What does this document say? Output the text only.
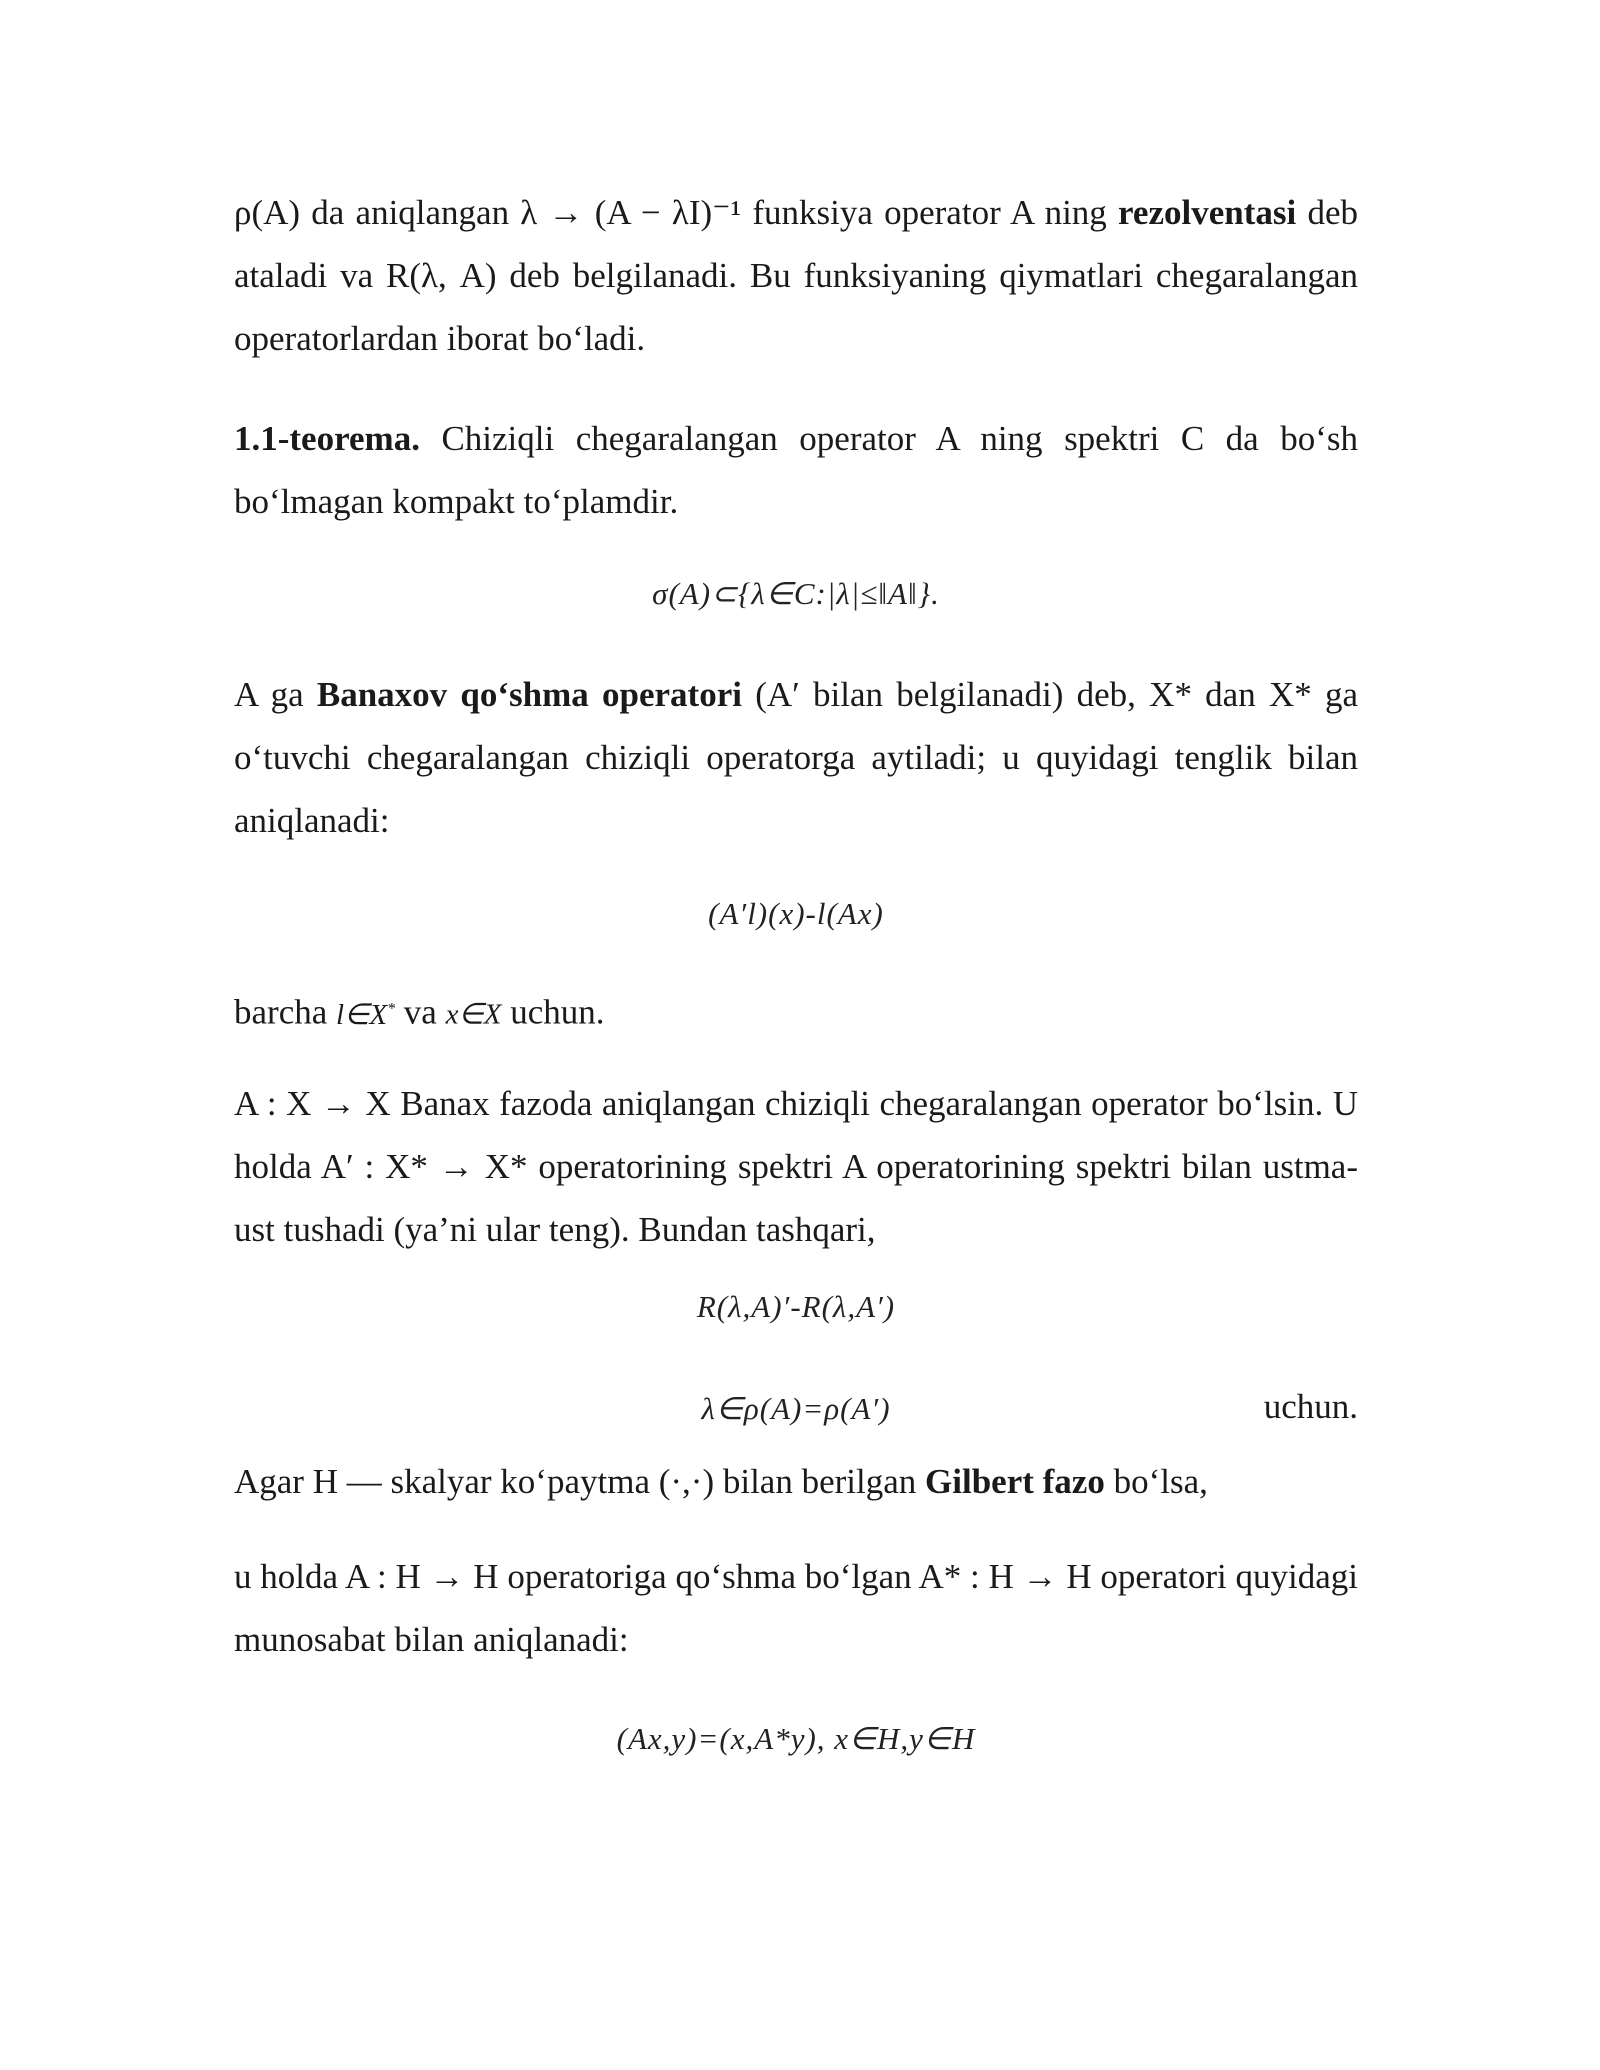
ρ(A) da aniqlangan λ → (A − λI)⁻¹ funksiya operator A ning rezolventasi deb ataladi va R(λ, A) deb belgilanadi. Bu funksiyaning qiymatlari chegaralangan operatorlardan iborat bo‘ladi.

1.1-teorema. Chiziqli chegaralangan operator A ning spektri C da bo‘sh bo‘lmagan kompakt to‘plamdir.

σ(A)⊂{λ∈C:|λ|≤‖A‖}.

A ga Banaxov qo‘shma operatori (A′ bilan belgilanadi) deb, X* dan X* ga o‘tuvchi chegaralangan chiziqli operatorga aytiladi; u quyidagi tenglik bilan aniqlanadi:

(A′l)(x)-l(Ax)

barcha l∈X* va x∈X uchun.

A : X → X Banax fazoda aniqlangan chiziqli chegaralangan operator bo‘lsin. U holda A′ : X* → X* operatorining spektri A operatorining spektri bilan ustma-ust tushadi (ya’ni ular teng). Bundan tashqari,

R(λ,A)′-R(λ,A′)
λ∈ρ(A)=ρ(A′)	uchun.

Agar H — skalyar ko‘paytma (·,·) bilan berilgan Gilbert fazo bo‘lsa,

u holda A : H → H operatoriga qo‘shma bo‘lgan A* : H → H operatori quyidagi munosabat bilan aniqlanadi:

(Ax,y)=(x,A*y), x∈H,y∈H
